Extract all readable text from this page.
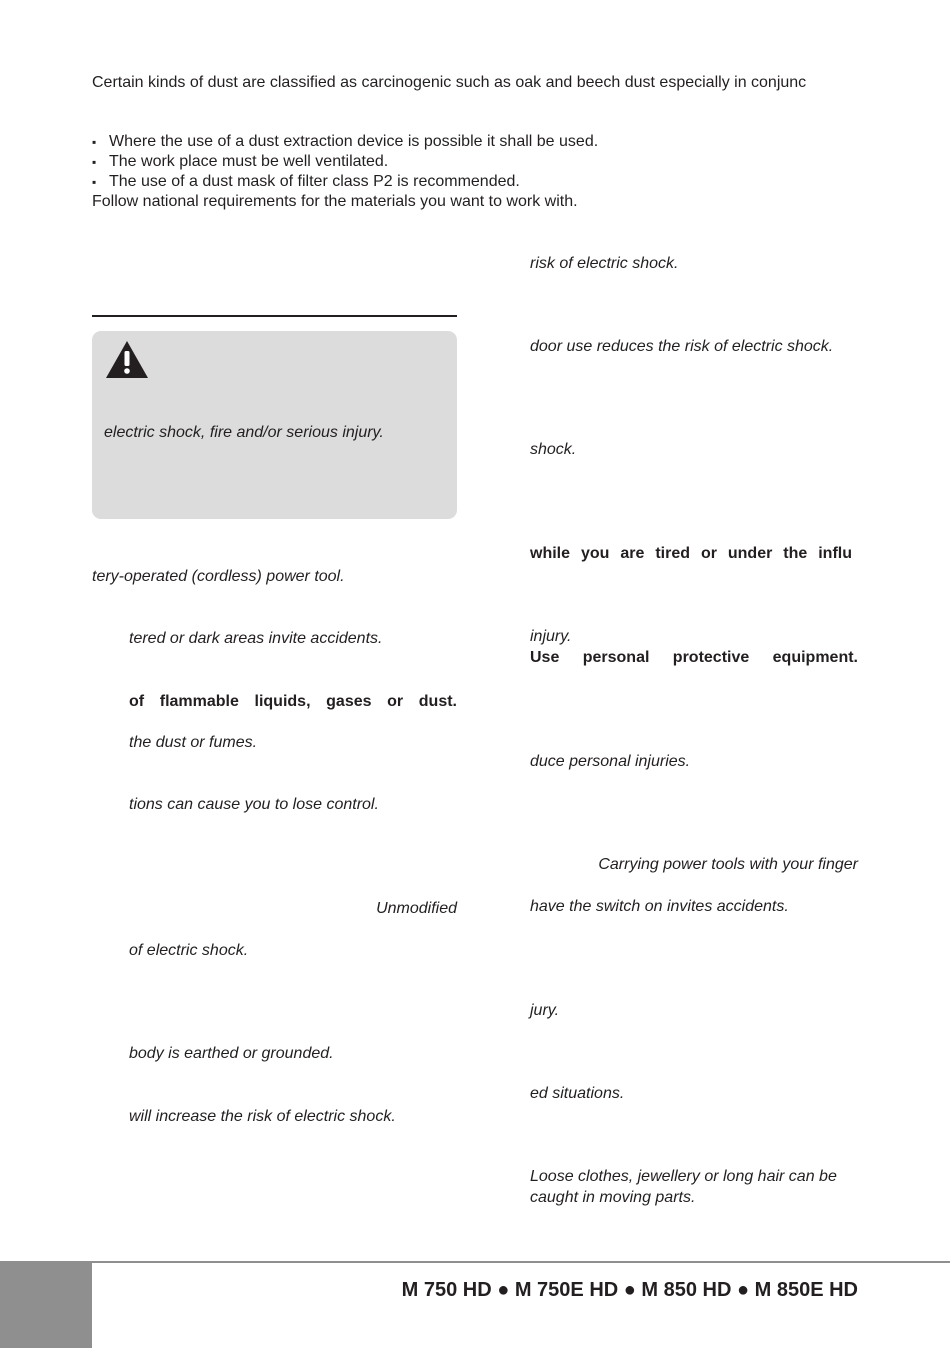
Certain kinds of dust are classified as carcinogenic such as oak and beech dust especially in conjunc
▪ Where the use of a dust extraction device is possible it shall be used.
▪ The work place must be well ventilated.
▪ The use of a dust mask of filter class P2 is recommended.
Follow national requirements for the materials you want to work with.
electric shock, fire and/or serious injury.
tery-operated (cordless) power tool.
tered or dark areas invite accidents.
of flammable liquids, gases or dust.
the dust or fumes.
tions can cause you to lose control.
Unmodified
of electric shock.
body is earthed or grounded.
will increase the risk of electric shock.
risk of electric shock.
door use reduces the risk of electric shock.
shock.
while you are tired or under the influ
injury.
Use personal protective equipment.
duce personal injuries.
Carrying power tools with your finger
have the switch on invites accidents.
jury.
ed situations.
Loose clothes, jewellery or long hair can be
caught in moving parts.
M 750 HD ● M 750E HD ● M 850 HD ● M 850E HD
